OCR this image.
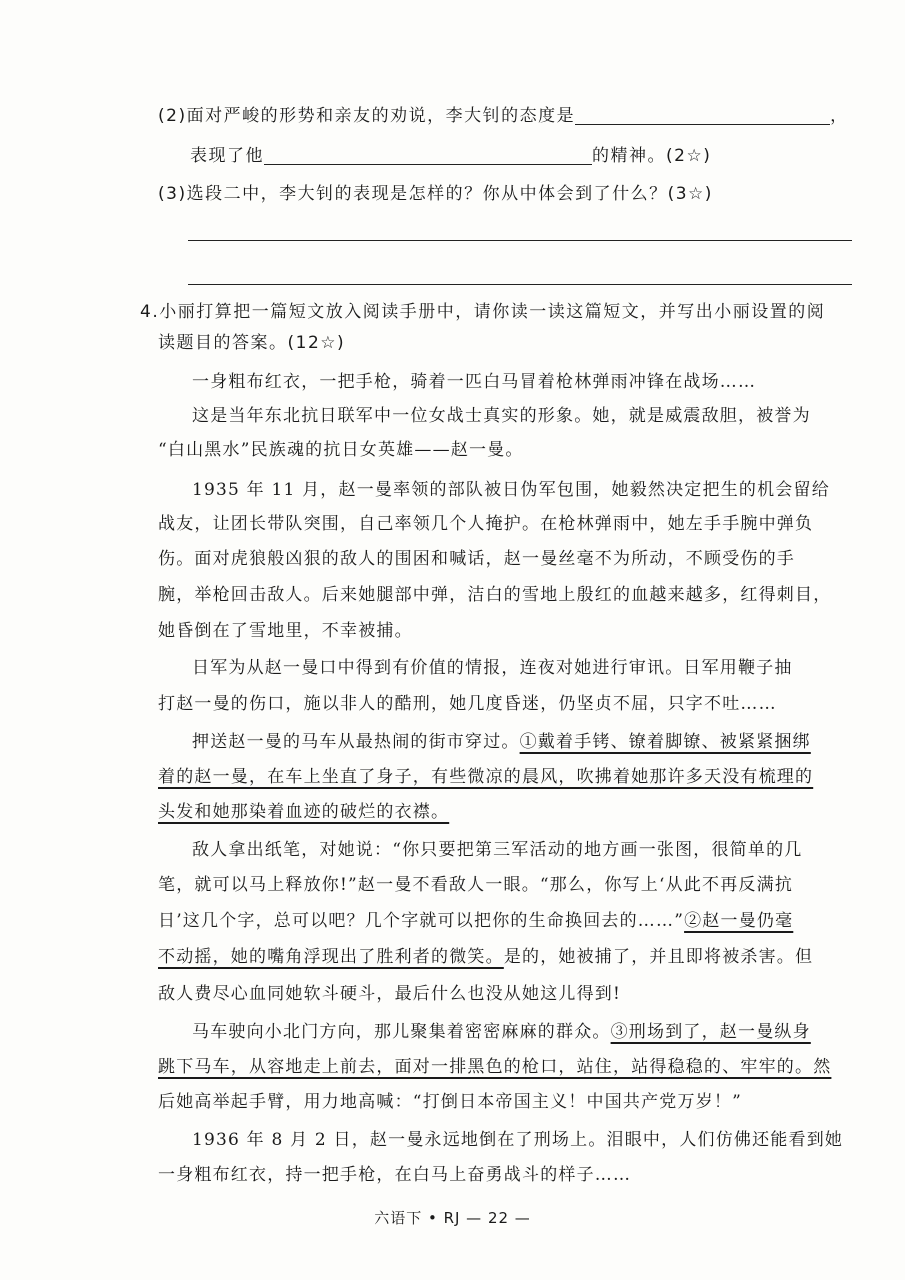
(2)面对严峻的形势和亲友的劝说，李大钊的态度是	，
表现了他	的精神。(2☆)
(3)选段二中，李大钊的表现是怎样的？你从中体会到了什么？(3☆)
4.小丽打算把一篇短文放入阅读手册中，请你读一读这篇短文，并写出小丽设置的阅
读题目的答案。(12☆)
一身粗布红衣，一把手枪，骑着一匹白马冒着枪林弹雨冲锋在战场……
这是当年东北抗日联军中一位女战士真实的形象。她，就是威震敌胆，被誉为
“白山黑水”民族魂的抗日女英雄——赵一曼。
1935 年 11 月，赵一曼率领的部队被日伪军包围，她毅然决定把生的机会留给
战友，让团长带队突围，自己率领几个人掩护。在枪林弹雨中，她左手手腕中弹负
伤。面对虎狼般凶狠的敌人的围困和喊话，赵一曼丝毫不为所动，不顾受伤的手
腕，举枪回击敌人。后来她腿部中弹，洁白的雪地上殷红的血越来越多，红得刺目，
她昏倒在了雪地里，不幸被捕。
日军为从赵一曼口中得到有价值的情报，连夜对她进行审讯。日军用鞭子抽
打赵一曼的伤口，施以非人的酷刑，她几度昏迷，仍坚贞不屈，只字不吐……
押送赵一曼的马车从最热闹的街市穿过。①戴着手铐、镣着脚镣、被紧紧捆绑
着的赵一曼，在车上坐直了身子，有些微凉的晨风，吹拂着她那许多天没有梳理的
头发和她那染着血迹的破烂的衣襟。
敌人拿出纸笔，对她说：“你只要把第三军活动的地方画一张图，很简单的几
笔，就可以马上释放你!”赵一曼不看敌人一眼。“那么，你写上‘从此不再反满抗
日’这几个字，总可以吧？几个字就可以把你的生命换回去的……”②赵一曼仍毫
不动摇，她的嘴角浮现出了胜利者的微笑。是的，她被捕了，并且即将被杀害。但
敌人费尽心血同她软斗硬斗，最后什么也没从她这儿得到!
马车驶向小北门方向，那儿聚集着密密麻麻的群众。③刑场到了，赵一曼纵身
跳下马车，从容地走上前去，面对一排黑色的枪口，站住，站得稳稳的、牢牢的。然
后她高举起手臂，用力地高喊：“打倒日本帝国主义！中国共产党万岁！”
1936 年 8 月 2 日，赵一曼永远地倒在了刑场上。泪眼中，人们仿佛还能看到她
一身粗布红衣，持一把手枪，在白马上奋勇战斗的样子……
六语下 • RJ — 22 —
